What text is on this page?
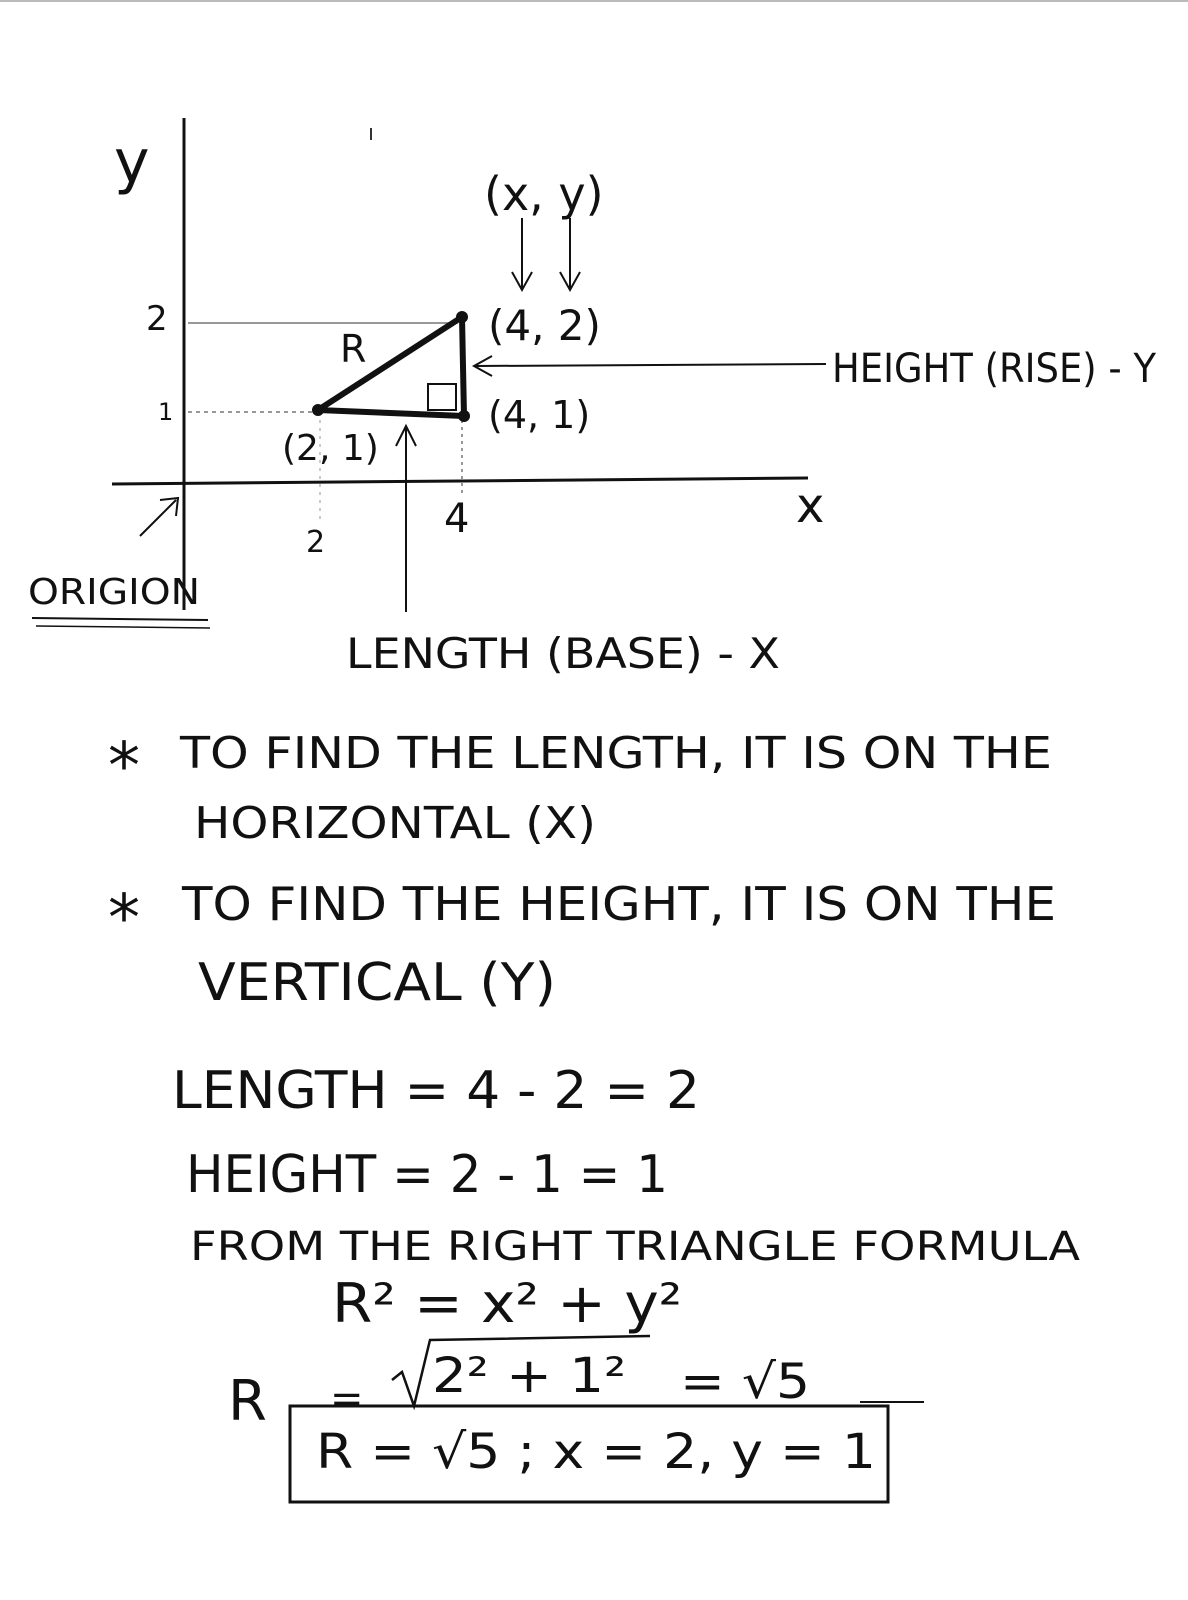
y
x
2
1
2
4
(x, y)
(4, 2)
(4, 1)
(2, 1)
R	HEIGHT (RISE) - Y
LENGTH (BASE) - X
ORIGION
* TO FIND THE LENGTH, IT IS ON THE
HORIZONTAL (X)
* TO FIND THE HEIGHT, IT IS ON THE
VERTICAL (Y)
LENGTH = 4 - 2 = 2
HEIGHT = 2 - 1 = 1
FROM THE RIGHT TRIANGLE FORMULA
R² = x² + y²
R = 2² + 1² = √5
R = √5 ; x = 2, y = 1
